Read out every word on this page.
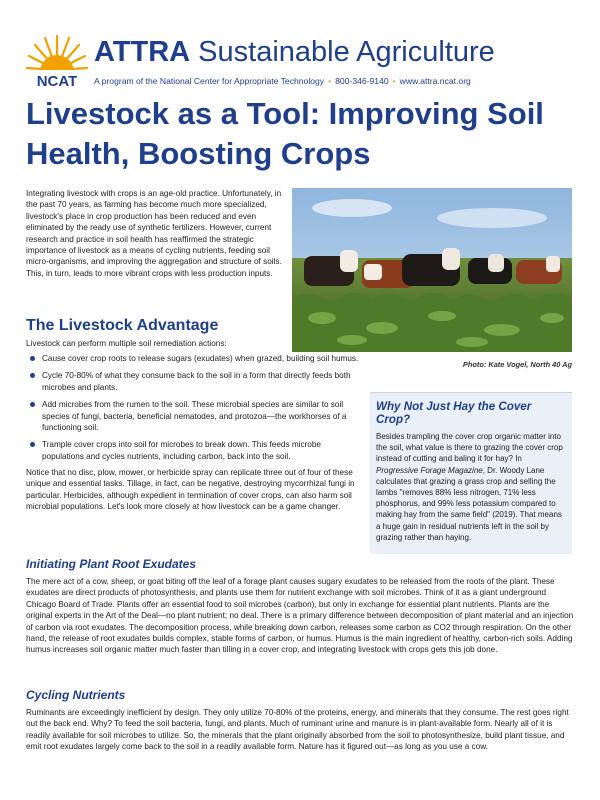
NCAT
ATTRA Sustainable Agriculture
A program of the National Center for Appropriate Technology • 800-346-9140 • www.attra.ncat.org
Livestock as a Tool: Improving Soil Health, Boosting Crops

Integrating livestock with crops is an age-old practice. Unfortunately, in the past 70 years, as farming has become much more specialized, livestock's place in crop production has been reduced and even eliminated by the ready use of synthetic fertilizers. However, current research and practice in soil health has reaffirmed the strategic importance of livestock as a means of cycling nutrients, feeding soil micro-organisms, and improving the aggregation and structure of soils. This, in turn, leads to more vibrant crops with less production inputs.

Photo: Kate Vogel, North 40 Ag
The Livestock Advantage

Livestock can perform multiple soil remediation actions:

Cause cover crop roots to release sugars (exudates) when grazed, building soil humus.
Cycle 70-80% of what they consume back to the soil in a form that directly feeds both microbes and plants.
Add microbes from the rumen to the soil. These microbial species are similar to soil species of fungi, bacteria, beneficial nematodes, and protozoa—the workhorses of a functioning soil.
Trample cover crops into soil for microbes to break down. This feeds microbe populations and cycles nutrients, including carbon, back into the soil.

Notice that no disc, plow, mower, or herbicide spray can replicate three out of four of these unique and essential tasks. Tillage, in fact, can be negative, destroying mycorrhizal fungi in particular. Herbicides, although expedient in termination of cover crops, can also harm soil microbial populations. Let's look more closely at how livestock can be a game changer.

Why Not Just Hay the Cover Crop?

Besides trampling the cover crop organic matter into the soil, what value is there to grazing the cover crop instead of cutting and baling it for hay? In Progressive Forage Magazine, Dr. Woody Lane calculates that grazing a grass crop and selling the lambs "removes 88% less nitrogen, 71% less phosphorus, and 99% less potassium compared to making hay from the same field" (2019). That means a huge gain in residual nutrients left in the soil by grazing rather than haying.

Initiating Plant Root Exudates

The mere act of a cow, sheep, or goat biting off the leaf of a forage plant causes sugary exudates to be released from the roots of the plant. These exudates are direct products of photosynthesis, and plants use them for nutrient exchange with soil microbes. Think of it as a giant underground Chicago Board of Trade. Plants offer an essential food to soil microbes (carbon), but only in exchange for essential plant nutrients. Plants are the original experts in the Art of the Deal—no plant nutrient; no deal. There is a primary difference between decomposition of plant material and an injection of carbon via root exudates. The decomposition process, while breaking down carbon, releases some carbon as CO2 through respiration. On the other hand, the release of root exudates builds complex, stable forms of carbon, or humus. Humus is the main ingredient of healthy, carbon-rich soils. Adding humus increases soil organic matter much faster than tilling in a cover crop, and integrating livestock with crops gets this job done.

Cycling Nutrients

Ruminants are exceedingly inefficient by design. They only utilize 70-80% of the proteins, energy, and minerals that they consume. The rest goes right out the back end. Why? To feed the soil bacteria, fungi, and plants. Much of ruminant urine and manure is in plant-available form. Nearly all of it is readily available for soil microbes to utilize. So, the minerals that the plant originally absorbed from the soil to photosynthesize, build plant tissue, and emit root exudates largely come back to the soil in a readily available form. Nature has it figured out—as long as you use a cow.
